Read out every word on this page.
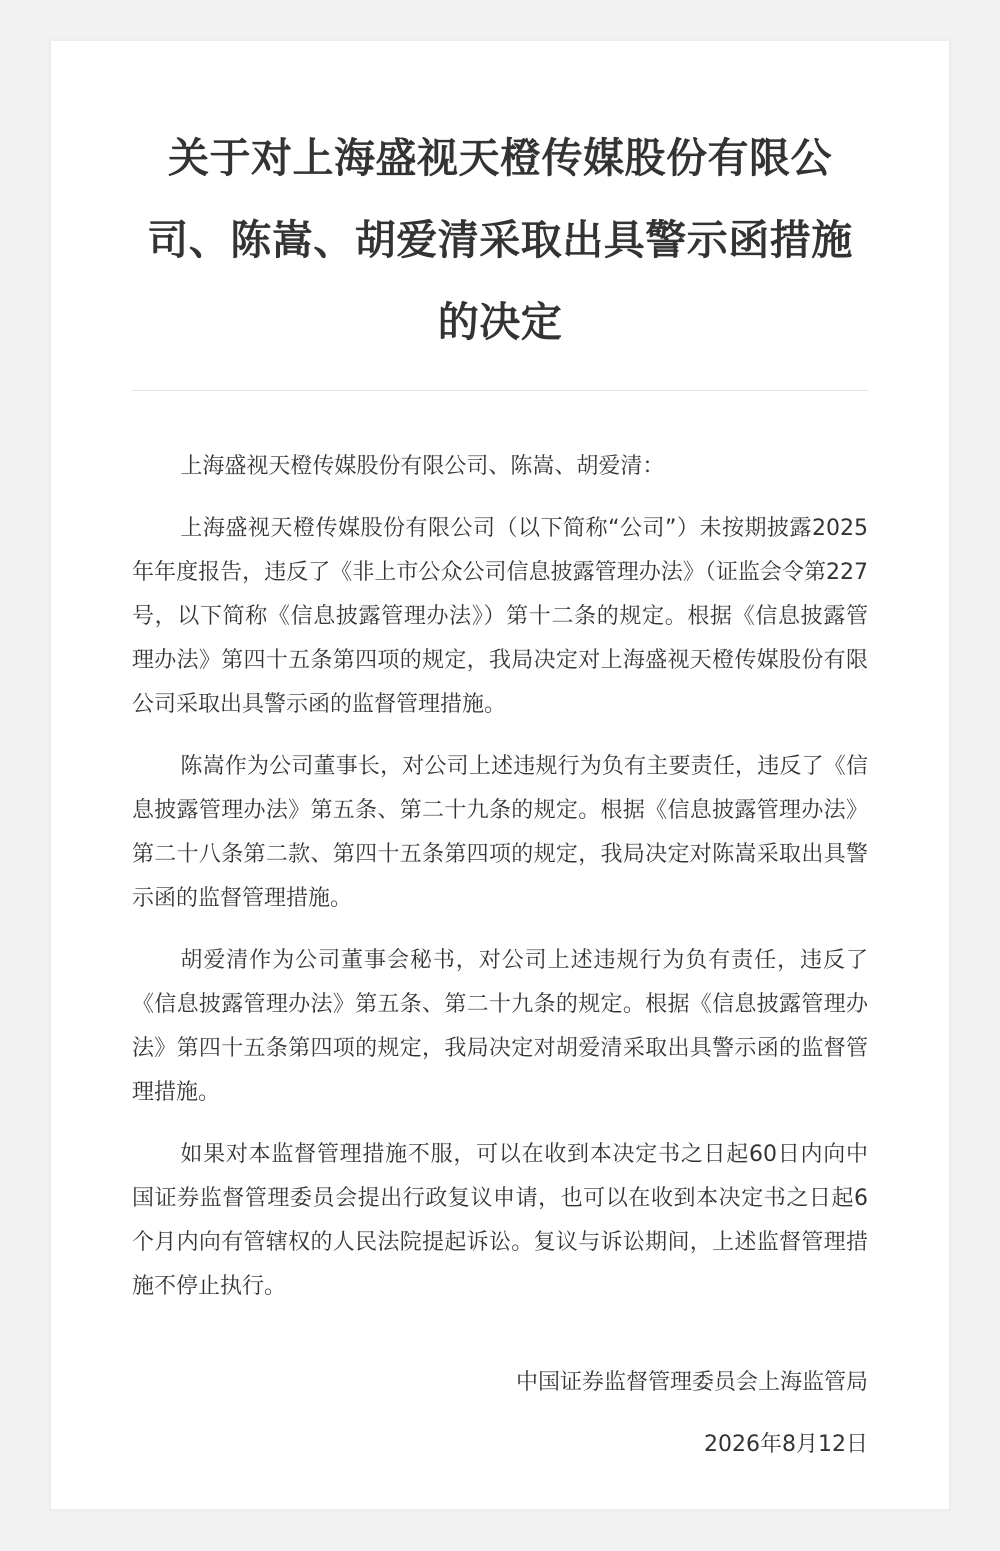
关于对上海盛视天橙传媒股份有限公司、陈嵩、胡爱清采取出具警示函措施的决定

上海盛视天橙传媒股份有限公司、陈嵩、胡爱清：

上海盛视天橙传媒股份有限公司（以下简称“公司”）未按期披露2025年年度报告，违反了《非上市公众公司信息披露管理办法》（证监会令第227号，以下简称《信息披露管理办法》）第十二条的规定。根据《信息披露管理办法》第四十五条第四项的规定，我局决定对上海盛视天橙传媒股份有限公司采取出具警示函的监督管理措施。

陈嵩作为公司董事长，对公司上述违规行为负有主要责任，违反了《信息披露管理办法》第五条、第二十九条的规定。根据《信息披露管理办法》第二十八条第二款、第四十五条第四项的规定，我局决定对陈嵩采取出具警示函的监督管理措施。

胡爱清作为公司董事会秘书，对公司上述违规行为负有责任，违反了《信息披露管理办法》第五条、第二十九条的规定。根据《信息披露管理办法》第四十五条第四项的规定，我局决定对胡爱清采取出具警示函的监督管理措施。

如果对本监督管理措施不服，可以在收到本决定书之日起60日内向中国证券监督管理委员会提出行政复议申请，也可以在收到本决定书之日起6个月内向有管辖权的人民法院提起诉讼。复议与诉讼期间，上述监督管理措施不停止执行。

中国证券监督管理委员会上海监管局

2026年8月12日
